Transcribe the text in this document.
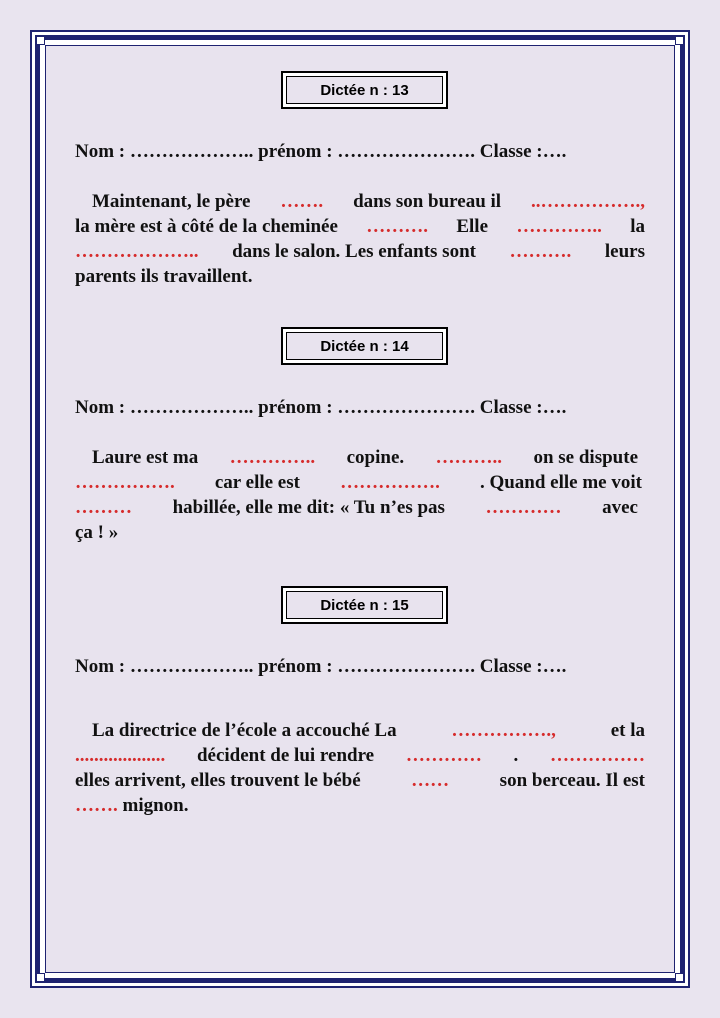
Dictée n : 13
Nom : ……………….. prénom : …………………. Classe :….
Maintenant, le père ……. dans son bureau il ..…………….,
la mère est à côté de la cheminée ………. Elle ………….. la
……………….. dans le salon. Les enfants sont ………. leurs
parents ils travaillent.
Dictée n : 14
Nom : ……………….. prénom : …………………. Classe :….
Laure est ma ………….. copine. ……….. on se dispute
……………. car elle est ……………. . Quand elle me voit
……… habillée, elle me dit: « Tu n’es pas ………… avec
ça ! »
Dictée n : 15
Nom : ……………….. prénom : …………………. Classe :….
La directrice de l’école a accouché La	…………….,	et la
................... décident de lui rendre ………… . ……………
elles arrivent, elles trouvent le bébé	……	son berceau. Il est
……. mignon.
